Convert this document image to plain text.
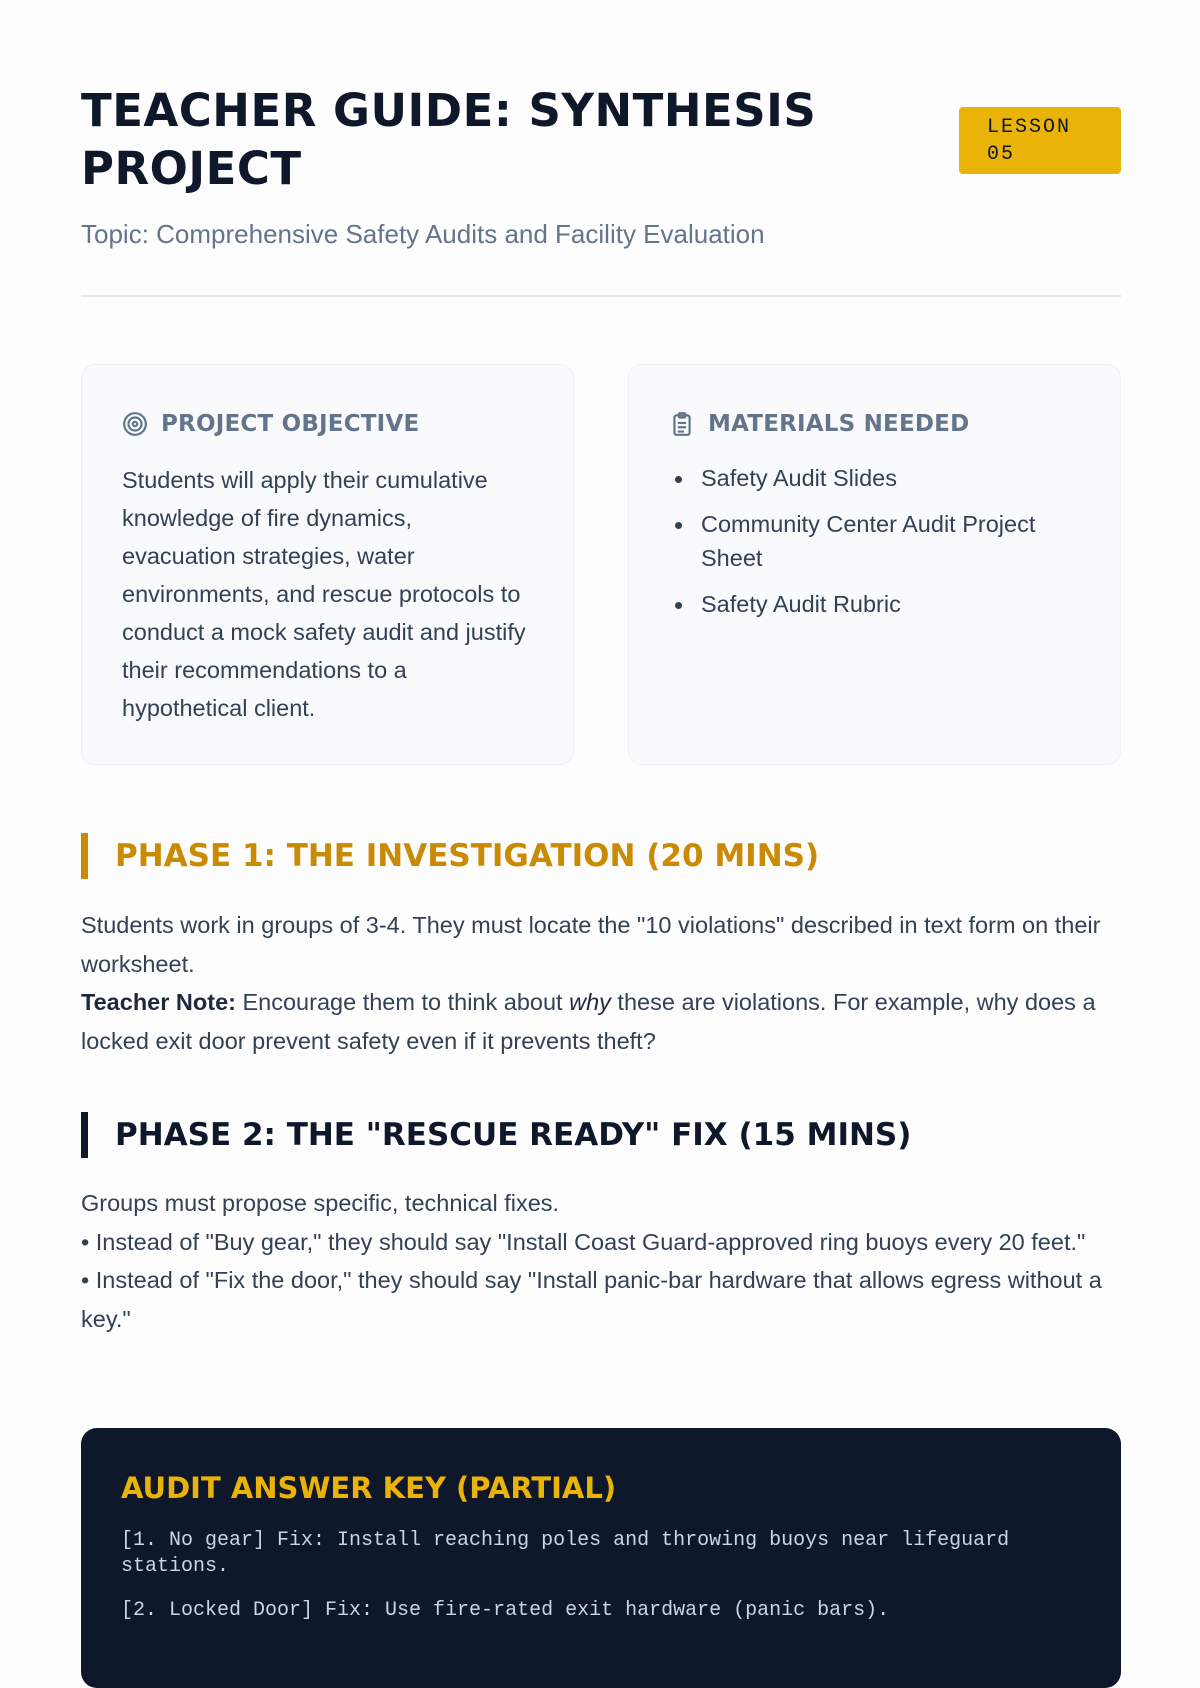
TEACHER GUIDE: SYNTHESIS
PROJECT
LESSON
05
Topic: Comprehensive Safety Audits and Facility Evaluation
PROJECT OBJECTIVE

Students will apply their cumulative knowledge of fire dynamics, evacuation strategies, water environments, and rescue protocols to conduct a mock safety audit and justify their recommendations to a hypothetical client.

MATERIALS NEEDED
Safety Audit Slides
Community Center Audit Project Sheet
Safety Audit Rubric
PHASE 1: THE INVESTIGATION (20 MINS)
Students work in groups of 3-4. They must locate the "10 violations" described in text form on their worksheet.
Teacher Note: Encourage them to think about why these are violations. For example, why does a locked exit door prevent safety even if it prevents theft?
PHASE 2: THE "RESCUE READY" FIX (15 MINS)
Groups must propose specific, technical fixes.
• Instead of "Buy gear," they should say "Install Coast Guard-approved ring buoys every 20 feet."
• Instead of "Fix the door," they should say "Install panic-bar hardware that allows egress without a key."
AUDIT ANSWER KEY (PARTIAL)
[1. No gear] Fix: Install reaching poles and throwing buoys near lifeguard stations.
[2. Locked Door] Fix: Use fire-rated exit hardware (panic bars).
